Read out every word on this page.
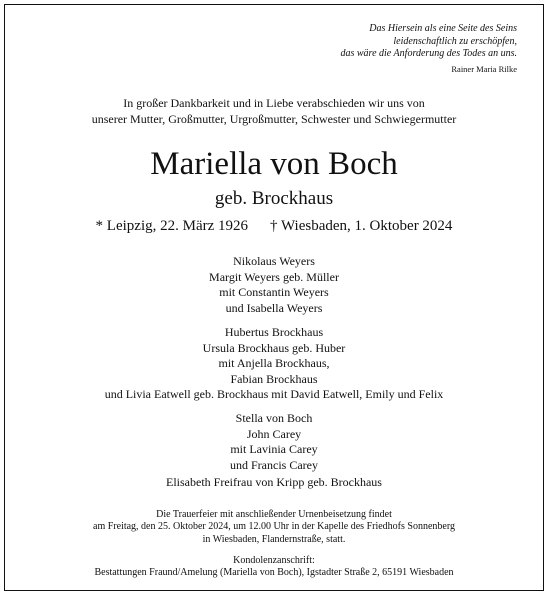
Das Hiersein als eine Seite des Seins
leidenschaftlich zu erschöpfen,
das wäre die Anforderung des Todes an uns.
Rainer Maria Rilke
In großer Dankbarkeit und in Liebe verabschieden wir uns von
unserer Mutter, Großmutter, Urgroßmutter, Schwester und Schwiegermutter
Mariella von Boch
geb. Brockhaus
* Leipzig, 22. März 1926 † Wiesbaden, 1. Oktober 2024
Nikolaus Weyers
Margit Weyers geb. Müller
mit Constantin Weyers
und Isabella Weyers
Hubertus Brockhaus
Ursula Brockhaus geb. Huber
mit Anjella Brockhaus,
Fabian Brockhaus
und Livia Eatwell geb. Brockhaus mit David Eatwell, Emily und Felix
Stella von Boch
John Carey
mit Lavinia Carey
und Francis Carey
Elisabeth Freifrau von Kripp geb. Brockhaus
Die Trauerfeier mit anschließender Urnenbeisetzung findet
am Freitag, den 25. Oktober 2024, um 12.00 Uhr in der Kapelle des Friedhofs Sonnenberg
in Wiesbaden, Flandernstraße, statt.
Kondolenzanschrift:
Bestattungen Fraund/Amelung (Mariella von Boch), Igstadter Straße 2, 65191 Wiesbaden
